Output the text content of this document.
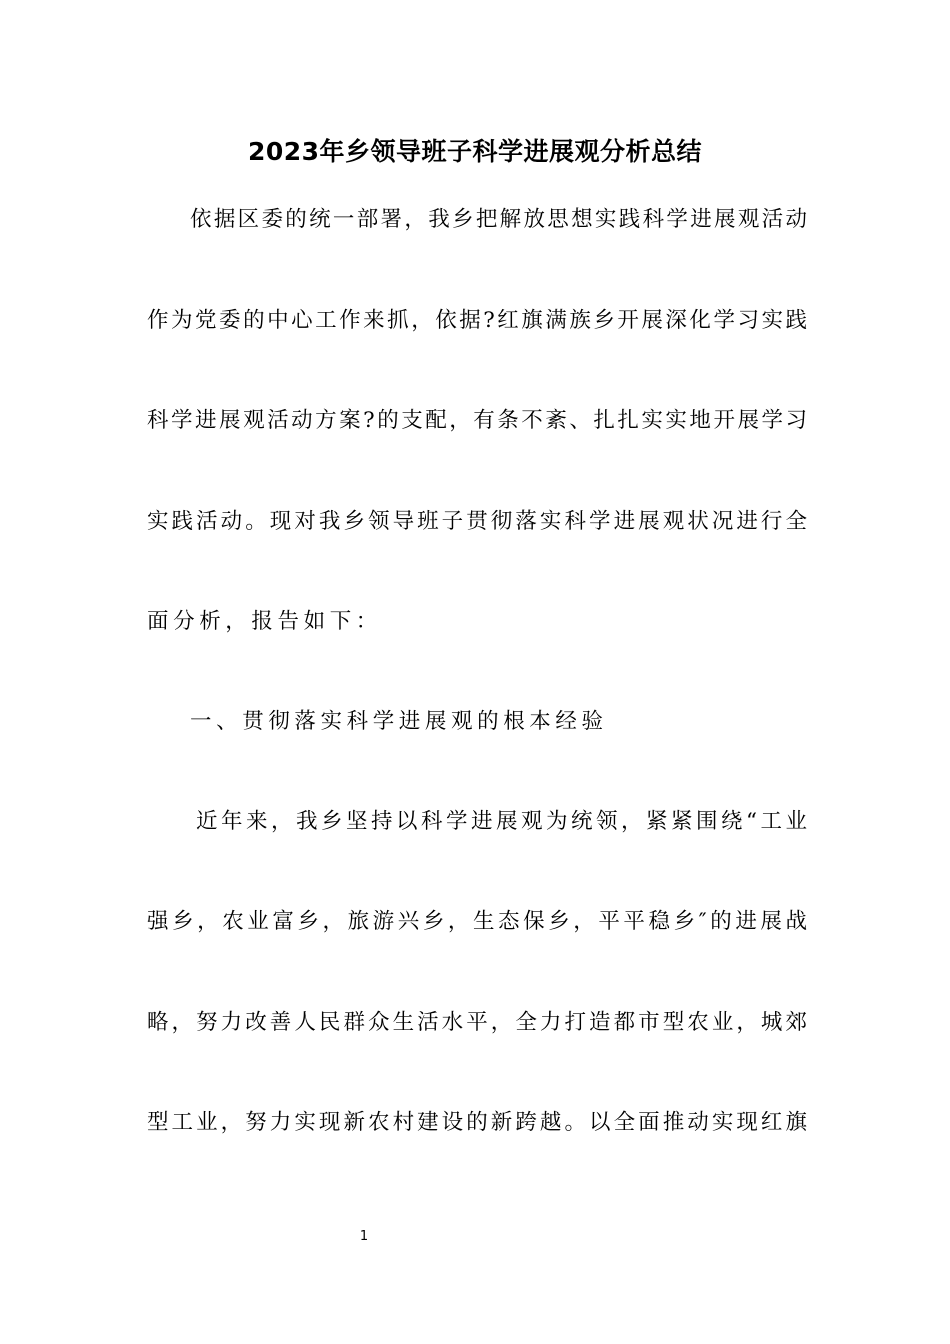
2023年乡领导班子科学进展观分析总结
依据区委的统一部署，我乡把解放思想实践科学进展观活动
作为党委的中心工作来抓，依据?红旗满族乡开展深化学习实践
科学进展观活动方案?的支配，有条不紊、扎扎实实地开展学习
实践活动。现对我乡领导班子贯彻落实科学进展观状况进行全
面分析，报告如下：
一、贯彻落实科学进展观的根本经验
近年来，我乡坚持以科学进展观为统领，紧紧围绕“工业
强乡，农业富乡，旅游兴乡，生态保乡，平平稳乡″的进展战
略，努力改善人民群众生活水平，全力打造都市型农业，城郊
型工业，努力实现新农村建设的新跨越。以全面推动实现红旗
1
